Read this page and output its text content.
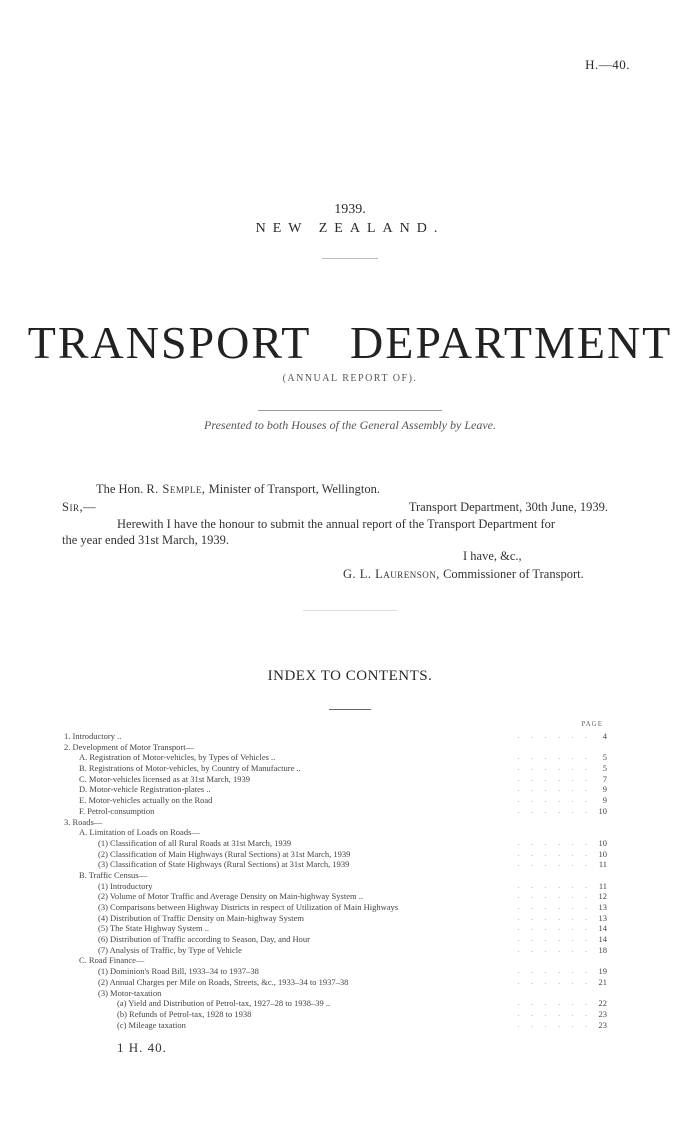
H.—40.
1939.
NEW ZEALAND.
TRANSPORT DEPARTMENT
(ANNUAL REPORT OF).
Presented to both Houses of the General Assembly by Leave.
The Hon. R. Semple, Minister of Transport, Wellington.
Sir,—	Transport Department, 30th June, 1939.
Herewith I have the honour to submit the annual report of the Transport Department for
the year ended 31st March, 1939.
I have, &c.,
G. L. Laurenson, Commissioner of Transport.
INDEX TO CONTENTS.
PAGE
1. Introductory ..	. . . . . .	4
2. Development of Motor Transport—
A. Registration of Motor-vehicles, by Types of Vehicles ..	. . . . . .	5
B. Registrations of Motor-vehicles, by Country of Manufacture ..	. . . . . .	5
C. Motor-vehicles licensed as at 31st March, 1939	. . . . . .	7
D. Motor-vehicle Registration-plates ..	. . . . . .	9
E. Motor-vehicles actually on the Road	. . . . . .	9
F. Petrol-consumption	. . . . . . 10
3. Roads—
A. Limitation of Loads on Roads—
(1) Classification of all Rural Roads at 31st March, 1939	. . . . . . 10
(2) Classification of Main Highways (Rural Sections) at 31st March, 1939	. . . . . . 10
(3) Classification of State Highways (Rural Sections) at 31st March, 1939	. . . . . . 11
B. Traffic Census—
(1) Introductory	. . . . . . 11
(2) Volume of Motor Traffic and Average Density on Main-highway System ..	. . . . . . 12
(3) Comparisons between Highway Districts in respect of Utilization of Main Highways	. . . . . . 13
(4) Distribution of Traffic Density on Main-highway System	. . . . . . 13
(5) The State Highway System ..	. . . . . . 14
(6) Distribution of Traffic according to Season, Day, and Hour	. . . . . . 14
(7) Analysis of Traffic, by Type of Vehicle	. . . . . . 18
C. Road Finance—
(1) Dominion's Road Bill, 1933–34 to 1937–38	. . . . . . 19
(2) Annual Charges per Mile on Roads, Streets, &c., 1933–34 to 1937–38	. . . . . . 21
(3) Motor-taxation
(a) Yield and Distribution of Petrol-tax, 1927–28 to 1938–39 ..	. . . . . . 22
(b) Refunds of Petrol-tax, 1928 to 1938	. . . . . . 23
(c) Mileage taxation	. . . . . . 23
1 H. 40.
